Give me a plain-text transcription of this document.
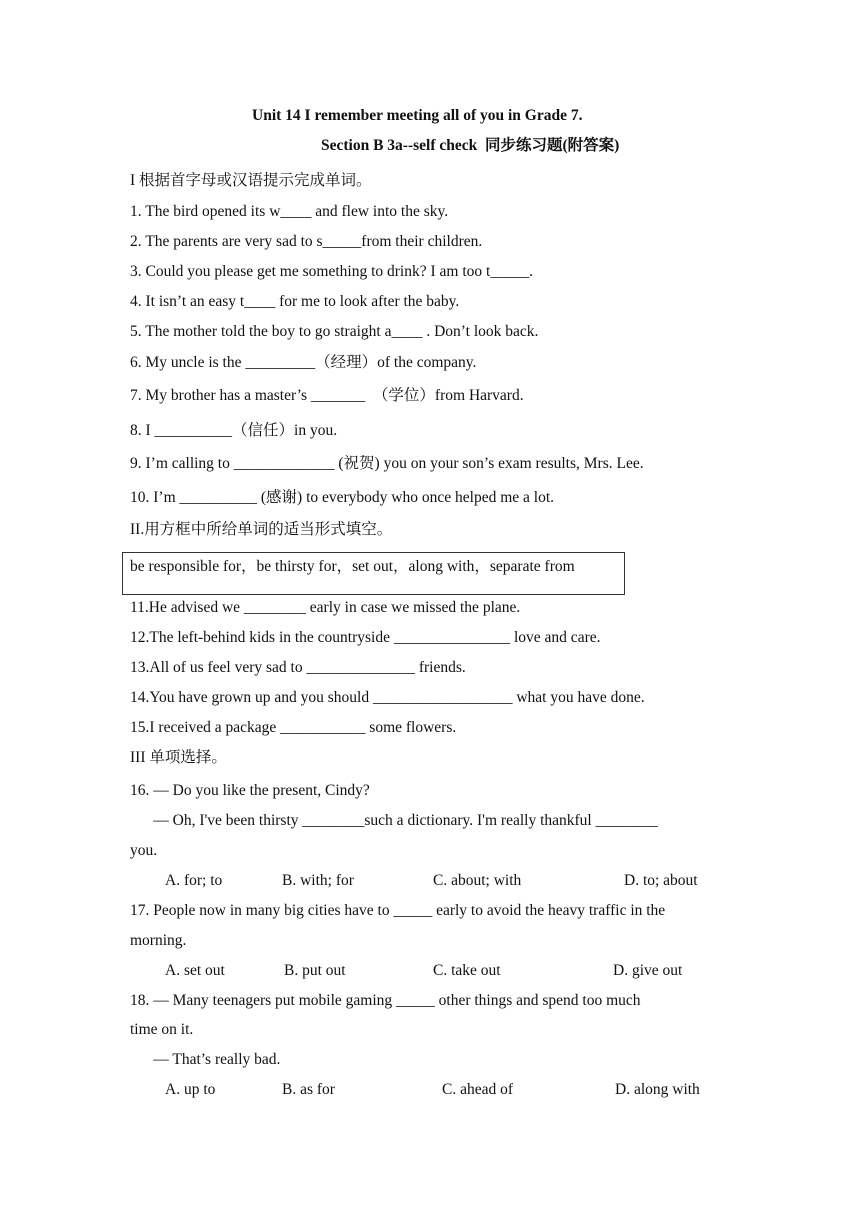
Unit 14 I remember meeting all of you in Grade 7.
Section B 3a--self check  同步练习题(附答案)
I 根据首字母或汉语提示完成单词。
1. The bird opened its w____ and flew into the sky.
2. The parents are very sad to s_____from their children.
3. Could you please get me something to drink? I am too t_____.
4. It isn’t an easy t____ for me to look after the baby.
5. The mother told the boy to go straight a____ . Don’t look back.
6. My uncle is the _________（经理）of the company.
7. My brother has a master’s _______  （学位）from Harvard.
8. I __________（信任）in you.
9. I’m calling to _____________ (祝贺) you on your son’s exam results, Mrs. Lee.
10. I’m __________ (感谢) to everybody who once helped me a lot.
II.用方框中所给单词的适当形式填空。
be responsible for，be thirsty for，set out，along with，separate from
11.He advised we ________ early in case we missed the plane.
12.The left-behind kids in the countryside _______________ love and care.
13.All of us feel very sad to ______________ friends.
14.You have grown up and you should __________________ what you have done.
15.I received a package ___________ some flowers.
III 单项选择。
16. — Do you like the present, Cindy?
— Oh, I've been thirsty ________such a dictionary. I'm really thankful ________
you.
A. for; to	B. with; for	C. about; with	D. to; about
17. People now in many big cities have to _____ early to avoid the heavy traffic in the
morning.
A. set out	B. put out	C. take out	D. give out
18. — Many teenagers put mobile gaming _____ other things and spend too much
time on it.
— That’s really bad.
A. up to	B. as for	C. ahead of	D. along with
